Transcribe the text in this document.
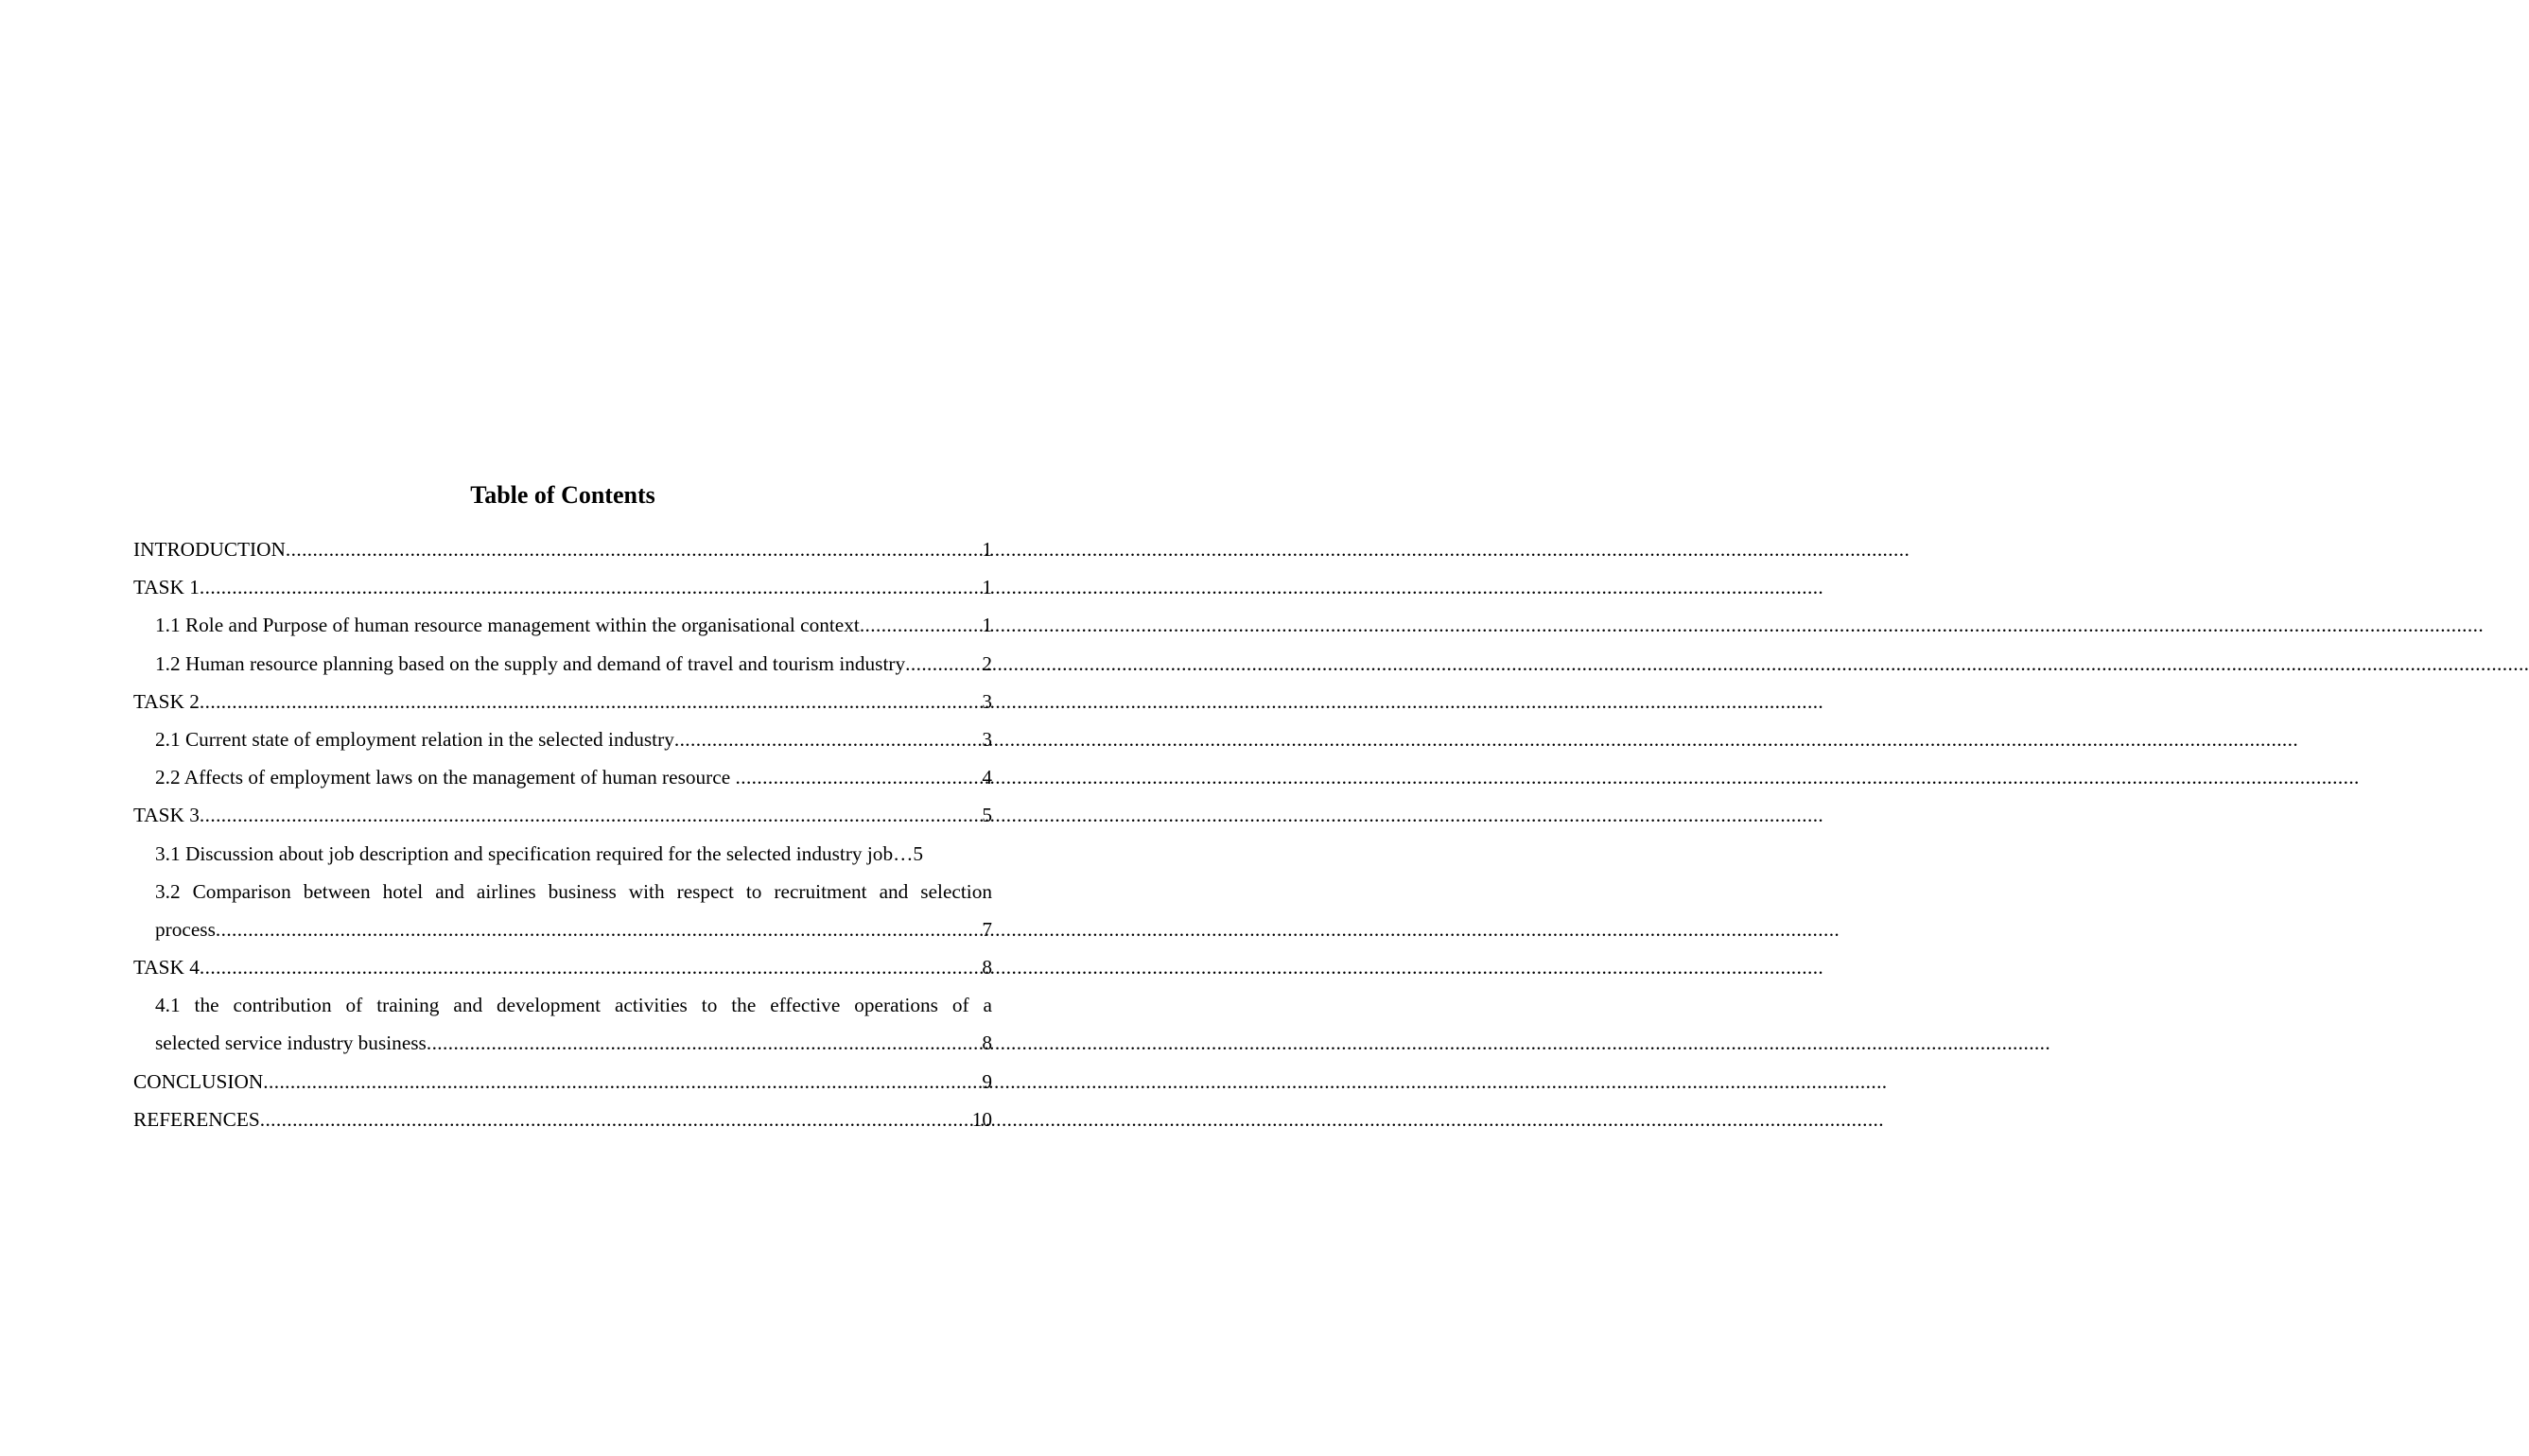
Table of Contents
INTRODUCTION .....	1
TASK 1 .....	1
1.1 Role and Purpose of human resource management within the organisational context .....	1
1.2 Human resource planning based on the supply and demand of travel and tourism industry .....	2
TASK 2 .....	3
2.1 Current state of employment relation in the selected industry .....	3
2.2 Affects of employment laws on the management of human resource .....	4
TASK 3 .....	5
3.1 Discussion about job description and specification required for the selected industry job… 5
3.2 Comparison between hotel and airlines business with respect to recruitment and selection
process .....	7
TASK 4 .....	8
4.1 the contribution of training and development activities to the effective operations of a
selected service industry business .....	8
CONCLUSION .....	9
REFERENCES .....	10
